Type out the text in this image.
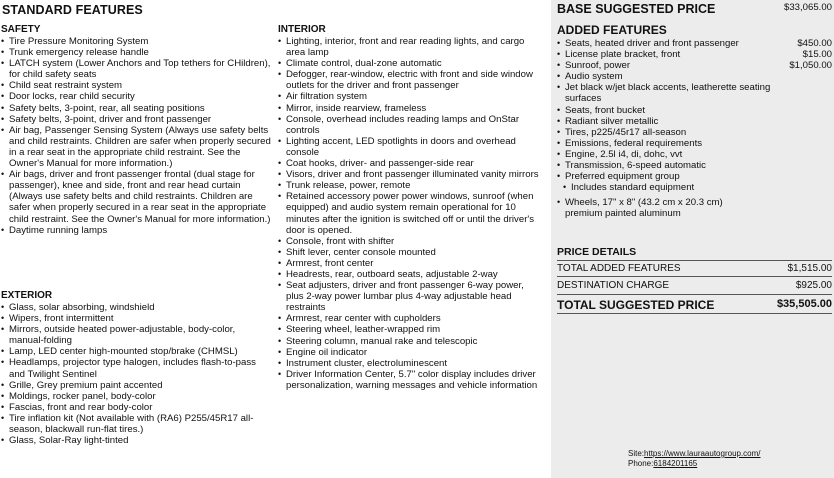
STANDARD FEATURES
SAFETY
• Tire Pressure Monitoring System
• Trunk emergency release handle
• LATCH system (Lower Anchors and Top tethers for CHildren), for child safety seats
• Child seat restraint system
• Door locks, rear child security
• Safety belts, 3-point, rear, all seating positions
• Safety belts, 3-point, driver and front passenger
• Air bag, Passenger Sensing System (Always use safety belts and child restraints. Children are safer when properly secured in a rear seat in the appropriate child restraint. See the Owner's Manual for more information.)
• Air bags, driver and front passenger frontal (dual stage for passenger), knee and side, front and rear head curtain (Always use safety belts and child restraints. Children are safer when properly secured in a rear seat in the appropriate child restraint. See the Owner's Manual for more information.)
• Daytime running lamps
EXTERIOR
• Glass, solar absorbing, windshield
• Wipers, front intermittent
• Mirrors, outside heated power-adjustable, body-color, manual-folding
• Lamp, LED center high-mounted stop/brake (CHMSL)
• Headlamps, projector type halogen, includes flash-to-pass and Twilight Sentinel
• Grille, Grey premium paint accented
• Moldings, rocker panel, body-color
• Fascias, front and rear body-color
• Tire inflation kit (Not available with (RA6) P255/45R17 all-season, blackwall run-flat tires.)
• Glass, Solar-Ray light-tinted
INTERIOR
• Lighting, interior, front and rear reading lights, and cargo area lamp
• Climate control, dual-zone automatic
• Defogger, rear-window, electric with front and side window outlets for the driver and front passenger
• Air filtration system
• Mirror, inside rearview, frameless
• Console, overhead includes reading lamps and OnStar controls
• Lighting accent, LED spotlights in doors and overhead console
• Coat hooks, driver- and passenger-side rear
• Visors, driver and front passenger illuminated vanity mirrors
• Trunk release, power, remote
• Retained accessory power power windows, sunroof (when equipped) and audio system remain operational for 10 minutes after the ignition is switched off or until the driver's door is opened.
• Console, front with shifter
• Shift lever, center console mounted
• Armrest, front center
• Headrests, rear, outboard seats, adjustable 2-way
• Seat adjusters, driver and front passenger 6-way power, plus 2-way power lumbar plus 4-way adjustable head restraints
• Armrest, rear center with cupholders
• Steering wheel, leather-wrapped rim
• Steering column, manual rake and telescopic
• Engine oil indicator
• Instrument cluster, electroluminescent
• Driver Information Center, 5.7" color display includes driver personalization, warning messages and vehicle information
BASE SUGGESTED PRICE	$33,065.00
ADDED FEATURES
• Seats, heated driver and front passenger	$450.00
• License plate bracket, front	$15.00
• Sunroof, power	$1,050.00
• Audio system
• Jet black w/jet black accents, leatherette seating surfaces
• Seats, front bucket
• Radiant silver metallic
• Tires, p225/45r17 all-season
• Emissions, federal requirements
• Engine, 2.5l i4, di, dohc, vvt
• Transmission, 6-speed automatic
• Preferred equipment group
• Includes standard equipment
• Wheels, 17" x 8" (43.2 cm x 20.3 cm) premium painted aluminum
PRICE DETAILS
TOTAL ADDED FEATURES	$1,515.00
DESTINATION CHARGE	$925.00
TOTAL SUGGESTED PRICE	$35,505.00
Site:https://www.lauraautogroup.com/
Phone:6184201165
